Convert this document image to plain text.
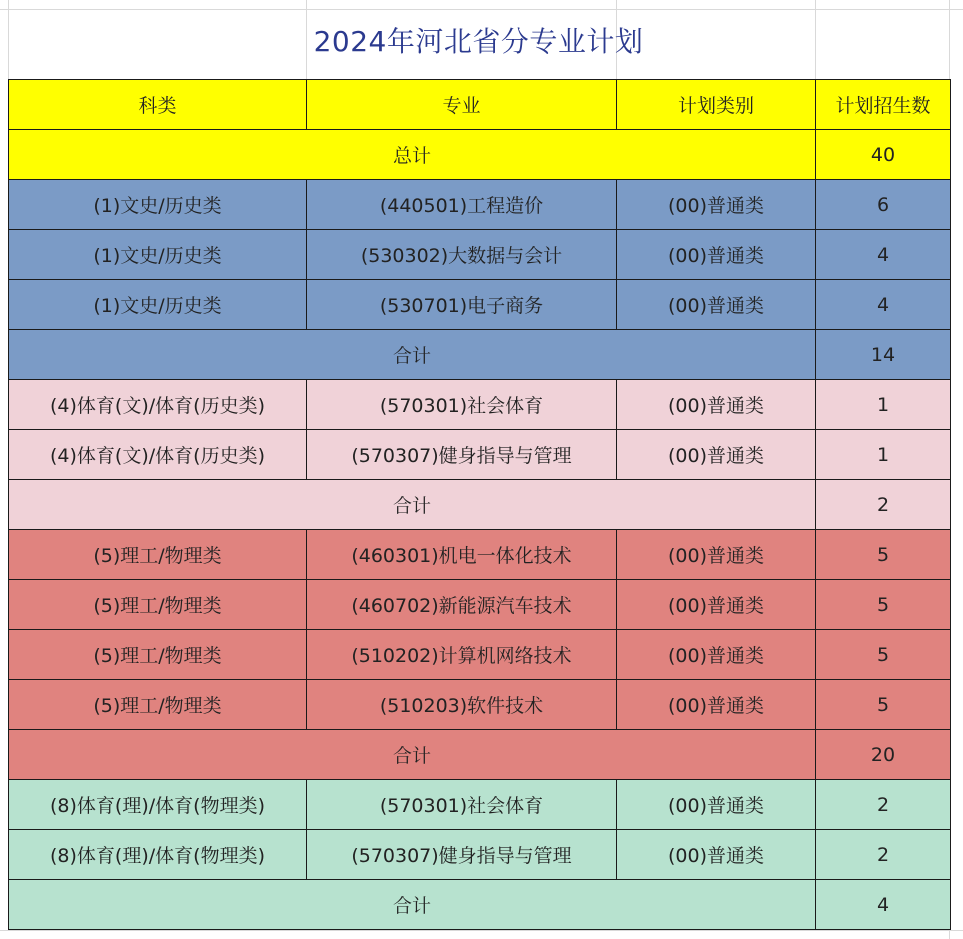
2024年河北省分专业计划
科类	专业	计划类别	计划招生数
总计			40
(1)文史/历史类	(440501)工程造价	(00)普通类	6
(1)文史/历史类	(530302)大数据与会计	(00)普通类	4
(1)文史/历史类	(530701)电子商务	(00)普通类	4
合计			14
(4)体育(文)/体育(历史类)	(570301)社会体育	(00)普通类	1
(4)体育(文)/体育(历史类)	(570307)健身指导与管理	(00)普通类	1
合计			2
(5)理工/物理类	(460301)机电一体化技术	(00)普通类	5
(5)理工/物理类	(460702)新能源汽车技术	(00)普通类	5
(5)理工/物理类	(510202)计算机网络技术	(00)普通类	5
(5)理工/物理类	(510203)软件技术	(00)普通类	5
合计			20
(8)体育(理)/体育(物理类)	(570301)社会体育	(00)普通类	2
(8)体育(理)/体育(物理类)	(570307)健身指导与管理	(00)普通类	2
合计			4
